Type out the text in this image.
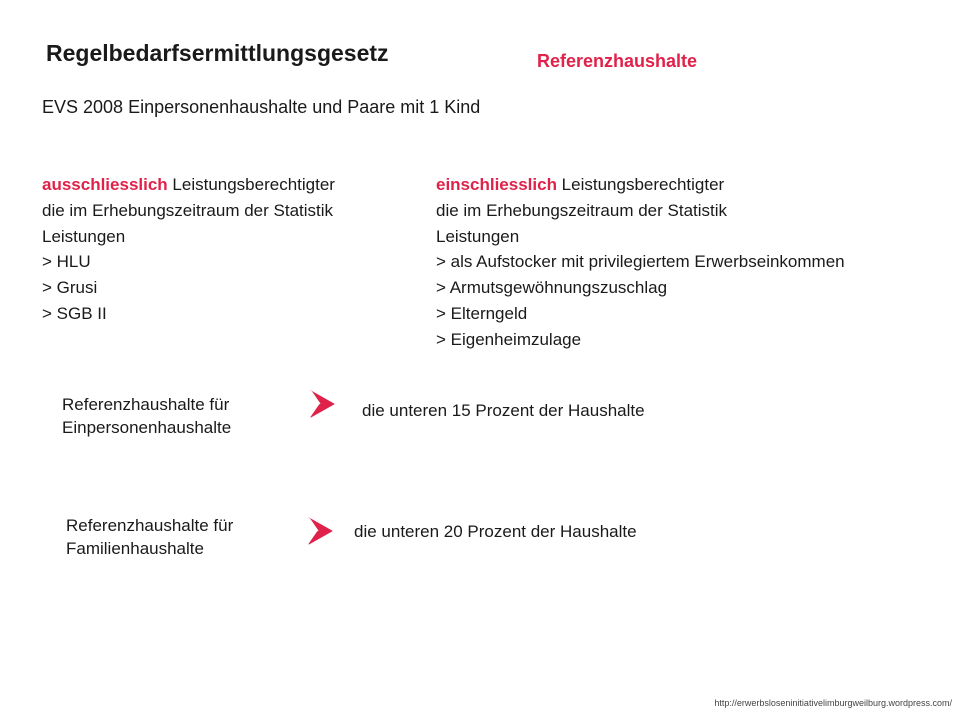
Regelbedarfsermittlungsgesetz	Referenzhaushalte
EVS 2008 Einpersonenhaushalte und Paare mit 1 Kind
ausschliesslich Leistungsberechtigter
die im Erhebungszeitraum der Statistik
Leistungen
> HLU
> Grusi
> SGB II
einschliesslich Leistungsberechtigter
die im Erhebungszeitraum der Statistik
Leistungen
> als Aufstocker mit privilegiertem Erwerbseinkommen
> Armutsgewöhnungszuschlag
> Elterngeld
> Eigenheimzulage
Referenzhaushalte für
Einpersonenhaushalte
die unteren 15 Prozent der Haushalte
Referenzhaushalte für
Familienhaushalte
die unteren 20 Prozent der Haushalte
http://erwerbsloseninitiativelimburgweilburg.wordpress.com/
